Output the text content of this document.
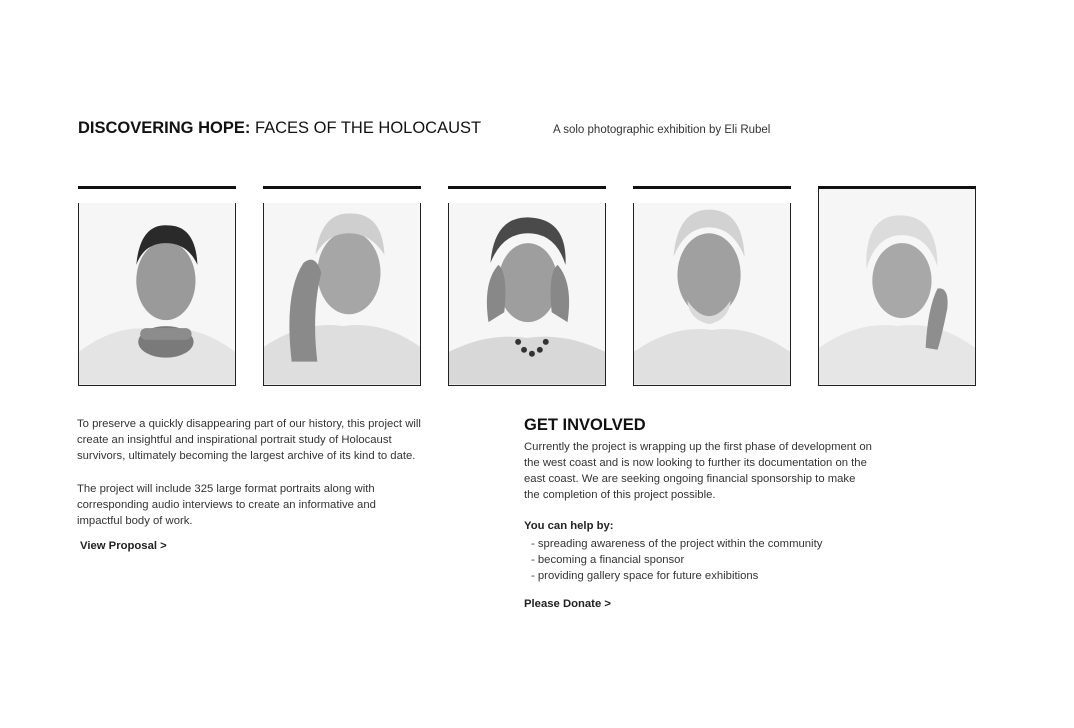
DISCOVERING HOPE: FACES OF THE HOLOCAUST	A solo photographic exhibition by Eli Rubel
To preserve a quickly disappearing part of our history, this project will create an insightful and inspirational portrait study of Holocaust survivors, ultimately becoming the largest archive of its kind to date.
The project will include 325 large format portraits along with corresponding audio interviews to create an informative and impactful body of work.
View Proposal >
GET INVOLVED
Currently the project is wrapping up the first phase of development on the west coast and is now looking to further its documentation on the east coast. We are seeking ongoing financial sponsorship to make the completion of this project possible.
You can help by:
- spreading awareness of the project within the community
- becoming a financial sponsor
- providing gallery space for future exhibitions
Please Donate >
